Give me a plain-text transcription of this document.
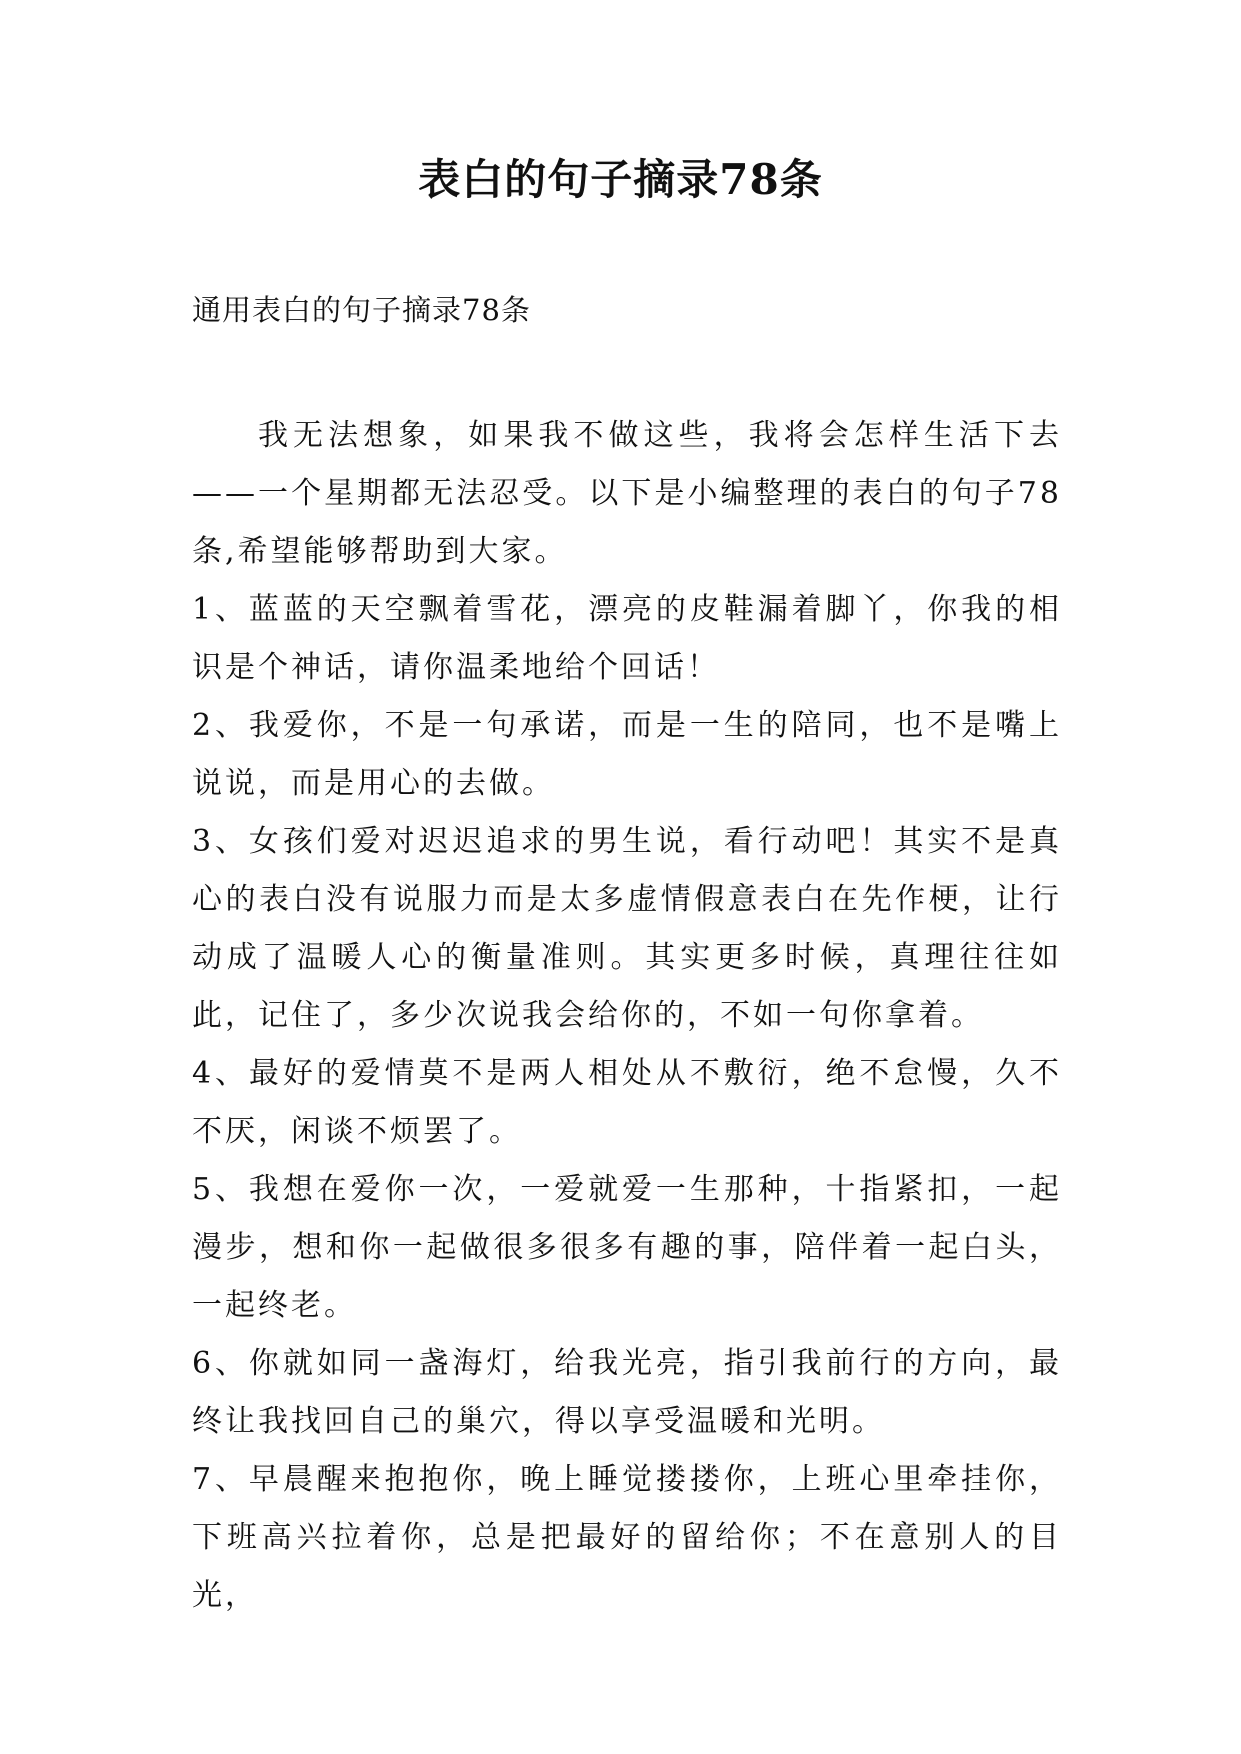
表白的句子摘录78条

通用表白的句子摘录78条

我无法想象，如果我不做这些，我将会怎样生活下去——一个星期都无法忍受。以下是小编整理的表白的句子78条,希望能够帮助到大家。

1、蓝蓝的天空飘着雪花，漂亮的皮鞋漏着脚丫，你我的相识是个神话，请你温柔地给个回话！

2、我爱你，不是一句承诺，而是一生的陪同，也不是嘴上说说，而是用心的去做。

3、女孩们爱对迟迟追求的男生说，看行动吧！其实不是真心的表白没有说服力而是太多虚情假意表白在先作梗，让行动成了温暖人心的衡量准则。其实更多时候，真理往往如此，记住了，多少次说我会给你的，不如一句你拿着。

4、最好的爱情莫不是两人相处从不敷衍，绝不怠慢，久不不厌，闲谈不烦罢了。

5、我想在爱你一次，一爱就爱一生那种，十指紧扣，一起漫步，想和你一起做很多很多有趣的事，陪伴着一起白头，一起终老。

6、你就如同一盏海灯，给我光亮，指引我前行的方向，最终让我找回自己的巢穴，得以享受温暖和光明。

7、早晨醒来抱抱你，晚上睡觉搂搂你，上班心里牵挂你，下班高兴拉着你，总是把最好的留给你；不在意别人的目光，
